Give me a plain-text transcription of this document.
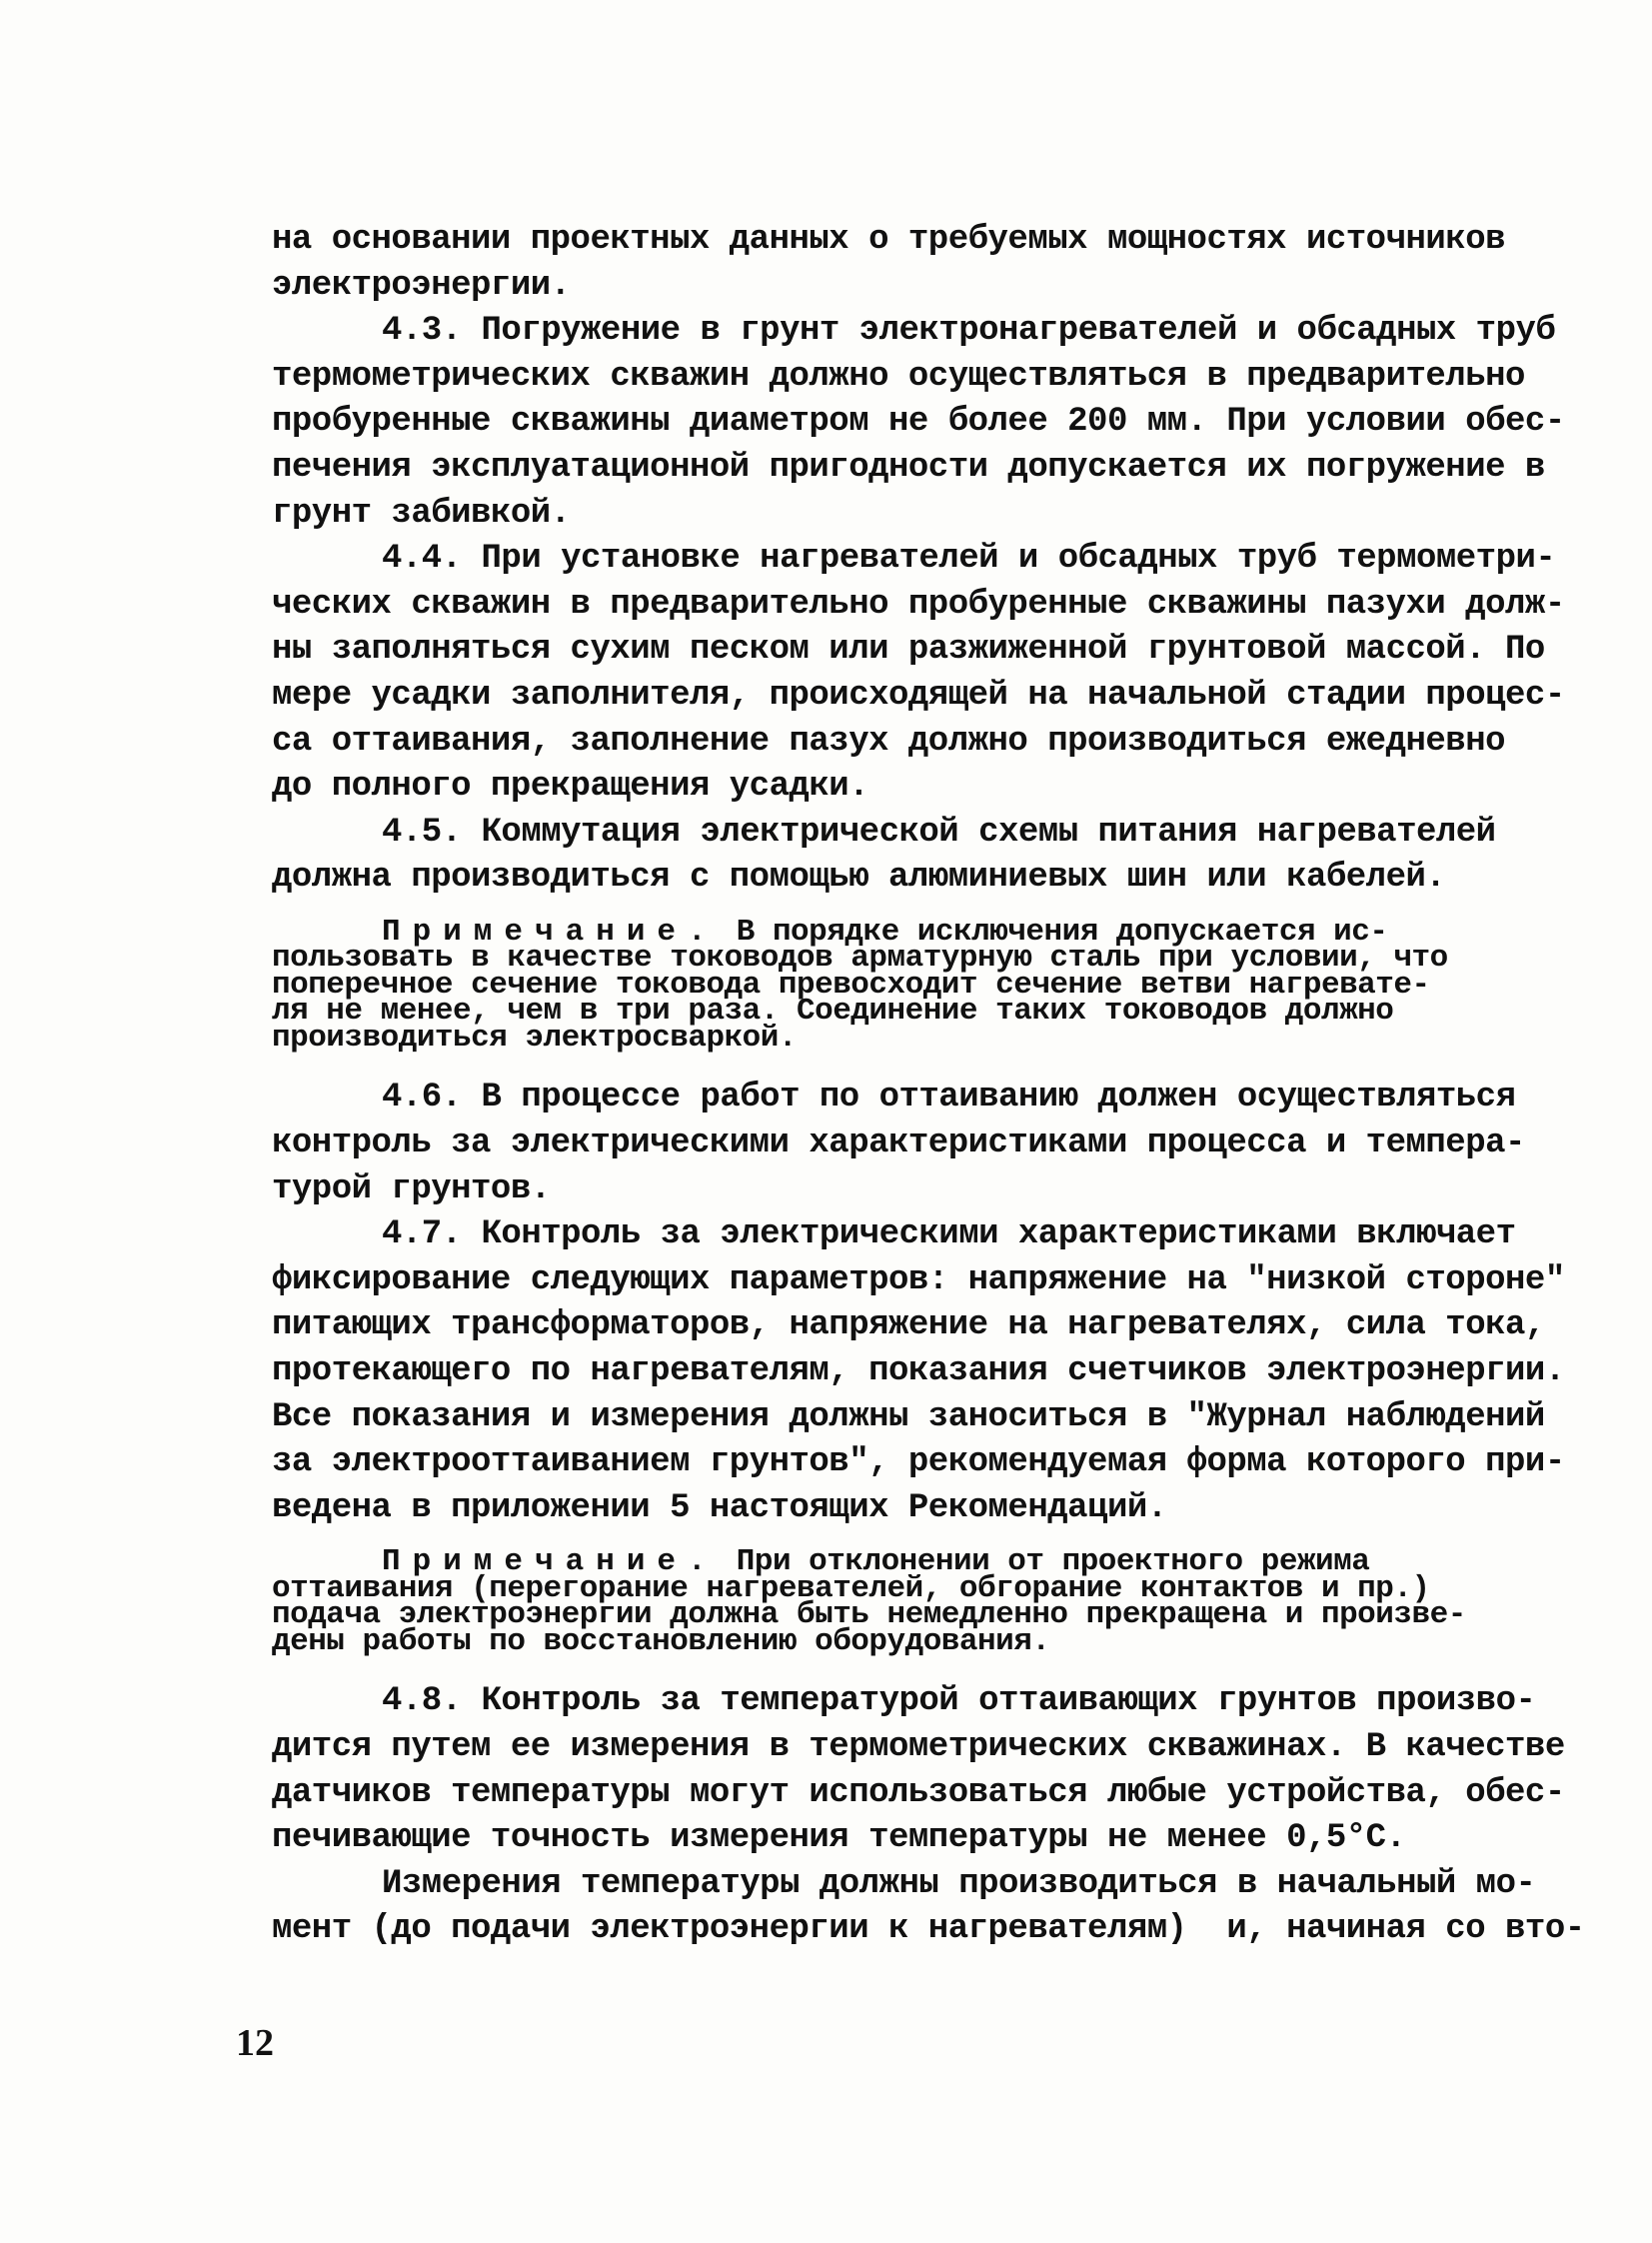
на основании проектных данных о требуемых мощностях источников
электроэнергии.
4.3. Погружение в грунт электронагревателей и обсадных труб
термометрических скважин должно осуществляться в предварительно
пробуренные скважины диаметром не более 200 мм. При условии обес-
печения эксплуатационной пригодности допускается их погружение в
грунт забивкой.
4.4. При установке нагревателей и обсадных труб термометри-
ческих скважин в предварительно пробуренные скважины пазухи долж-
ны заполняться сухим песком или разжиженной грунтовой массой. По
мере усадки заполнителя, происходящей на начальной стадии процес-
са оттаивания, заполнение пазух должно производиться ежедневно
до полного прекращения усадки.
4.5. Коммутация электрической схемы питания нагревателей
должна производиться с помощью алюминиевых шин или кабелей.
Примечание. В порядке исключения допускается ис-
пользовать в качестве тоководов арматурную сталь при условии, что
поперечное сечение токовода превосходит сечение ветви нагревате-
ля не менее, чем в три раза. Соединение таких тоководов должно
производиться электросваркой.
4.6. В процессе работ по оттаиванию должен осуществляться
контроль за электрическими характеристиками процесса и темпера-
турой грунтов.
4.7. Контроль за электрическими характеристиками включает
фиксирование следующих параметров: напряжение на "низкой стороне"
питающих трансформаторов, напряжение на нагревателях, сила тока,
протекающего по нагревателям, показания счетчиков электроэнергии.
Все показания и измерения должны заноситься в "Журнал наблюдений
за электрооттаиванием грунтов", рекомендуемая форма которого при-
ведена в приложении 5 настоящих Рекомендаций.
Примечание. При отклонении от проектного режима
оттаивания (перегорание нагревателей, обгорание контактов и пр.)
подача электроэнергии должна быть немедленно прекращена и произве-
дены работы по восстановлению оборудования.
4.8. Контроль за температурой оттаивающих грунтов произво-
дится путем ее измерения в термометрических скважинах. В качестве
датчиков температуры могут использоваться любые устройства, обес-
печивающие точность измерения температуры не менее 0,5°С.
Измерения температуры должны производиться в начальный мо-
мент (до подачи электроэнергии к нагревателям)  и, начиная со вто-
12
